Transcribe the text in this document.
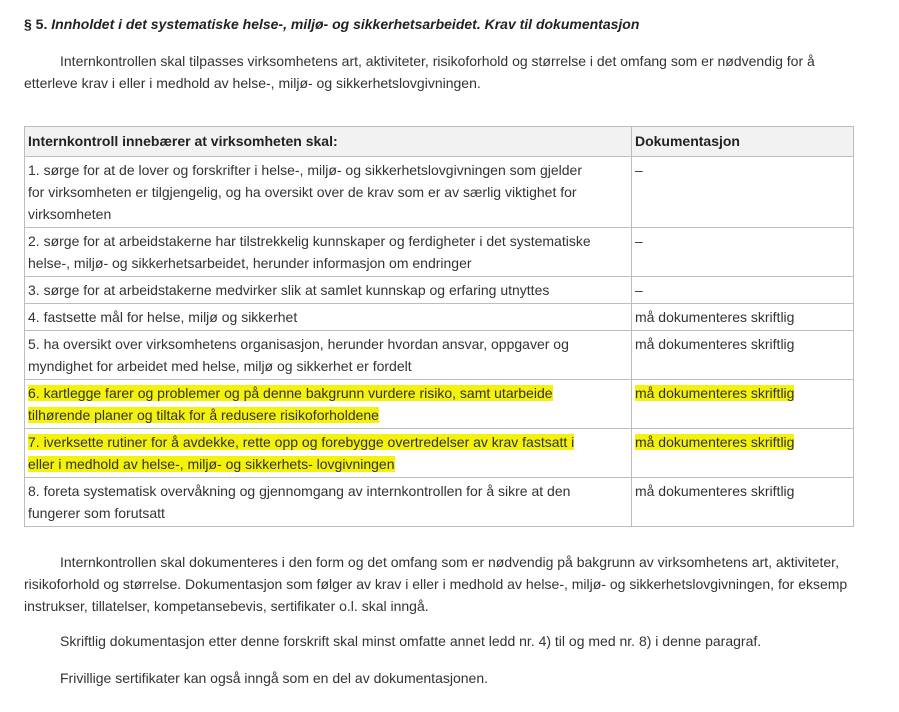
§ 5. Innholdet i det systematiske helse-, miljø- og sikkerhetsarbeidet. Krav til dokumentasjon
Internkontrollen skal tilpasses virksomhetens art, aktiviteter, risikoforhold og størrelse i det omfang som er nødvendig for å
etterleve krav i eller i medhold av helse-, miljø- og sikkerhetslovgivningen.
Internkontroll innebærer at virksomheten skal:	Dokumentasjon
1. sørge for at de lover og forskrifter i helse-, miljø- og sikkerhetslovgivningen som gjelder
for virksomheten er tilgjengelig, og ha oversikt over de krav som er av særlig viktighet for
virksomheten	–
2. sørge for at arbeidstakerne har tilstrekkelig kunnskaper og ferdigheter i det systematiske
helse-, miljø- og sikkerhetsarbeidet, herunder informasjon om endringer	–
3. sørge for at arbeidstakerne medvirker slik at samlet kunnskap og erfaring utnyttes	–
4. fastsette mål for helse, miljø og sikkerhet	må dokumenteres skriftlig
5. ha oversikt over virksomhetens organisasjon, herunder hvordan ansvar, oppgaver og
myndighet for arbeidet med helse, miljø og sikkerhet er fordelt	må dokumenteres skriftlig
6. kartlegge farer og problemer og på denne bakgrunn vurdere risiko, samt utarbeide
tilhørende planer og tiltak for å redusere risikoforholdene	må dokumenteres skriftlig
7. iverksette rutiner for å avdekke, rette opp og forebygge overtredelser av krav fastsatt i
eller i medhold av helse-, miljø- og sikkerhets- lovgivningen	må dokumenteres skriftlig
8. foreta systematisk overvåkning og gjennomgang av internkontrollen for å sikre at den
fungerer som forutsatt	må dokumenteres skriftlig
Internkontrollen skal dokumenteres i den form og det omfang som er nødvendig på bakgrunn av virksomhetens art, aktiviteter,
risikoforhold og størrelse. Dokumentasjon som følger av krav i eller i medhold av helse-, miljø- og sikkerhetslovgivningen, for eksemp
instrukser, tillatelser, kompetansebevis, sertifikater o.l. skal inngå.
Skriftlig dokumentasjon etter denne forskrift skal minst omfatte annet ledd nr. 4) til og med nr. 8) i denne paragraf.
Frivillige sertifikater kan også inngå som en del av dokumentasjonen.
